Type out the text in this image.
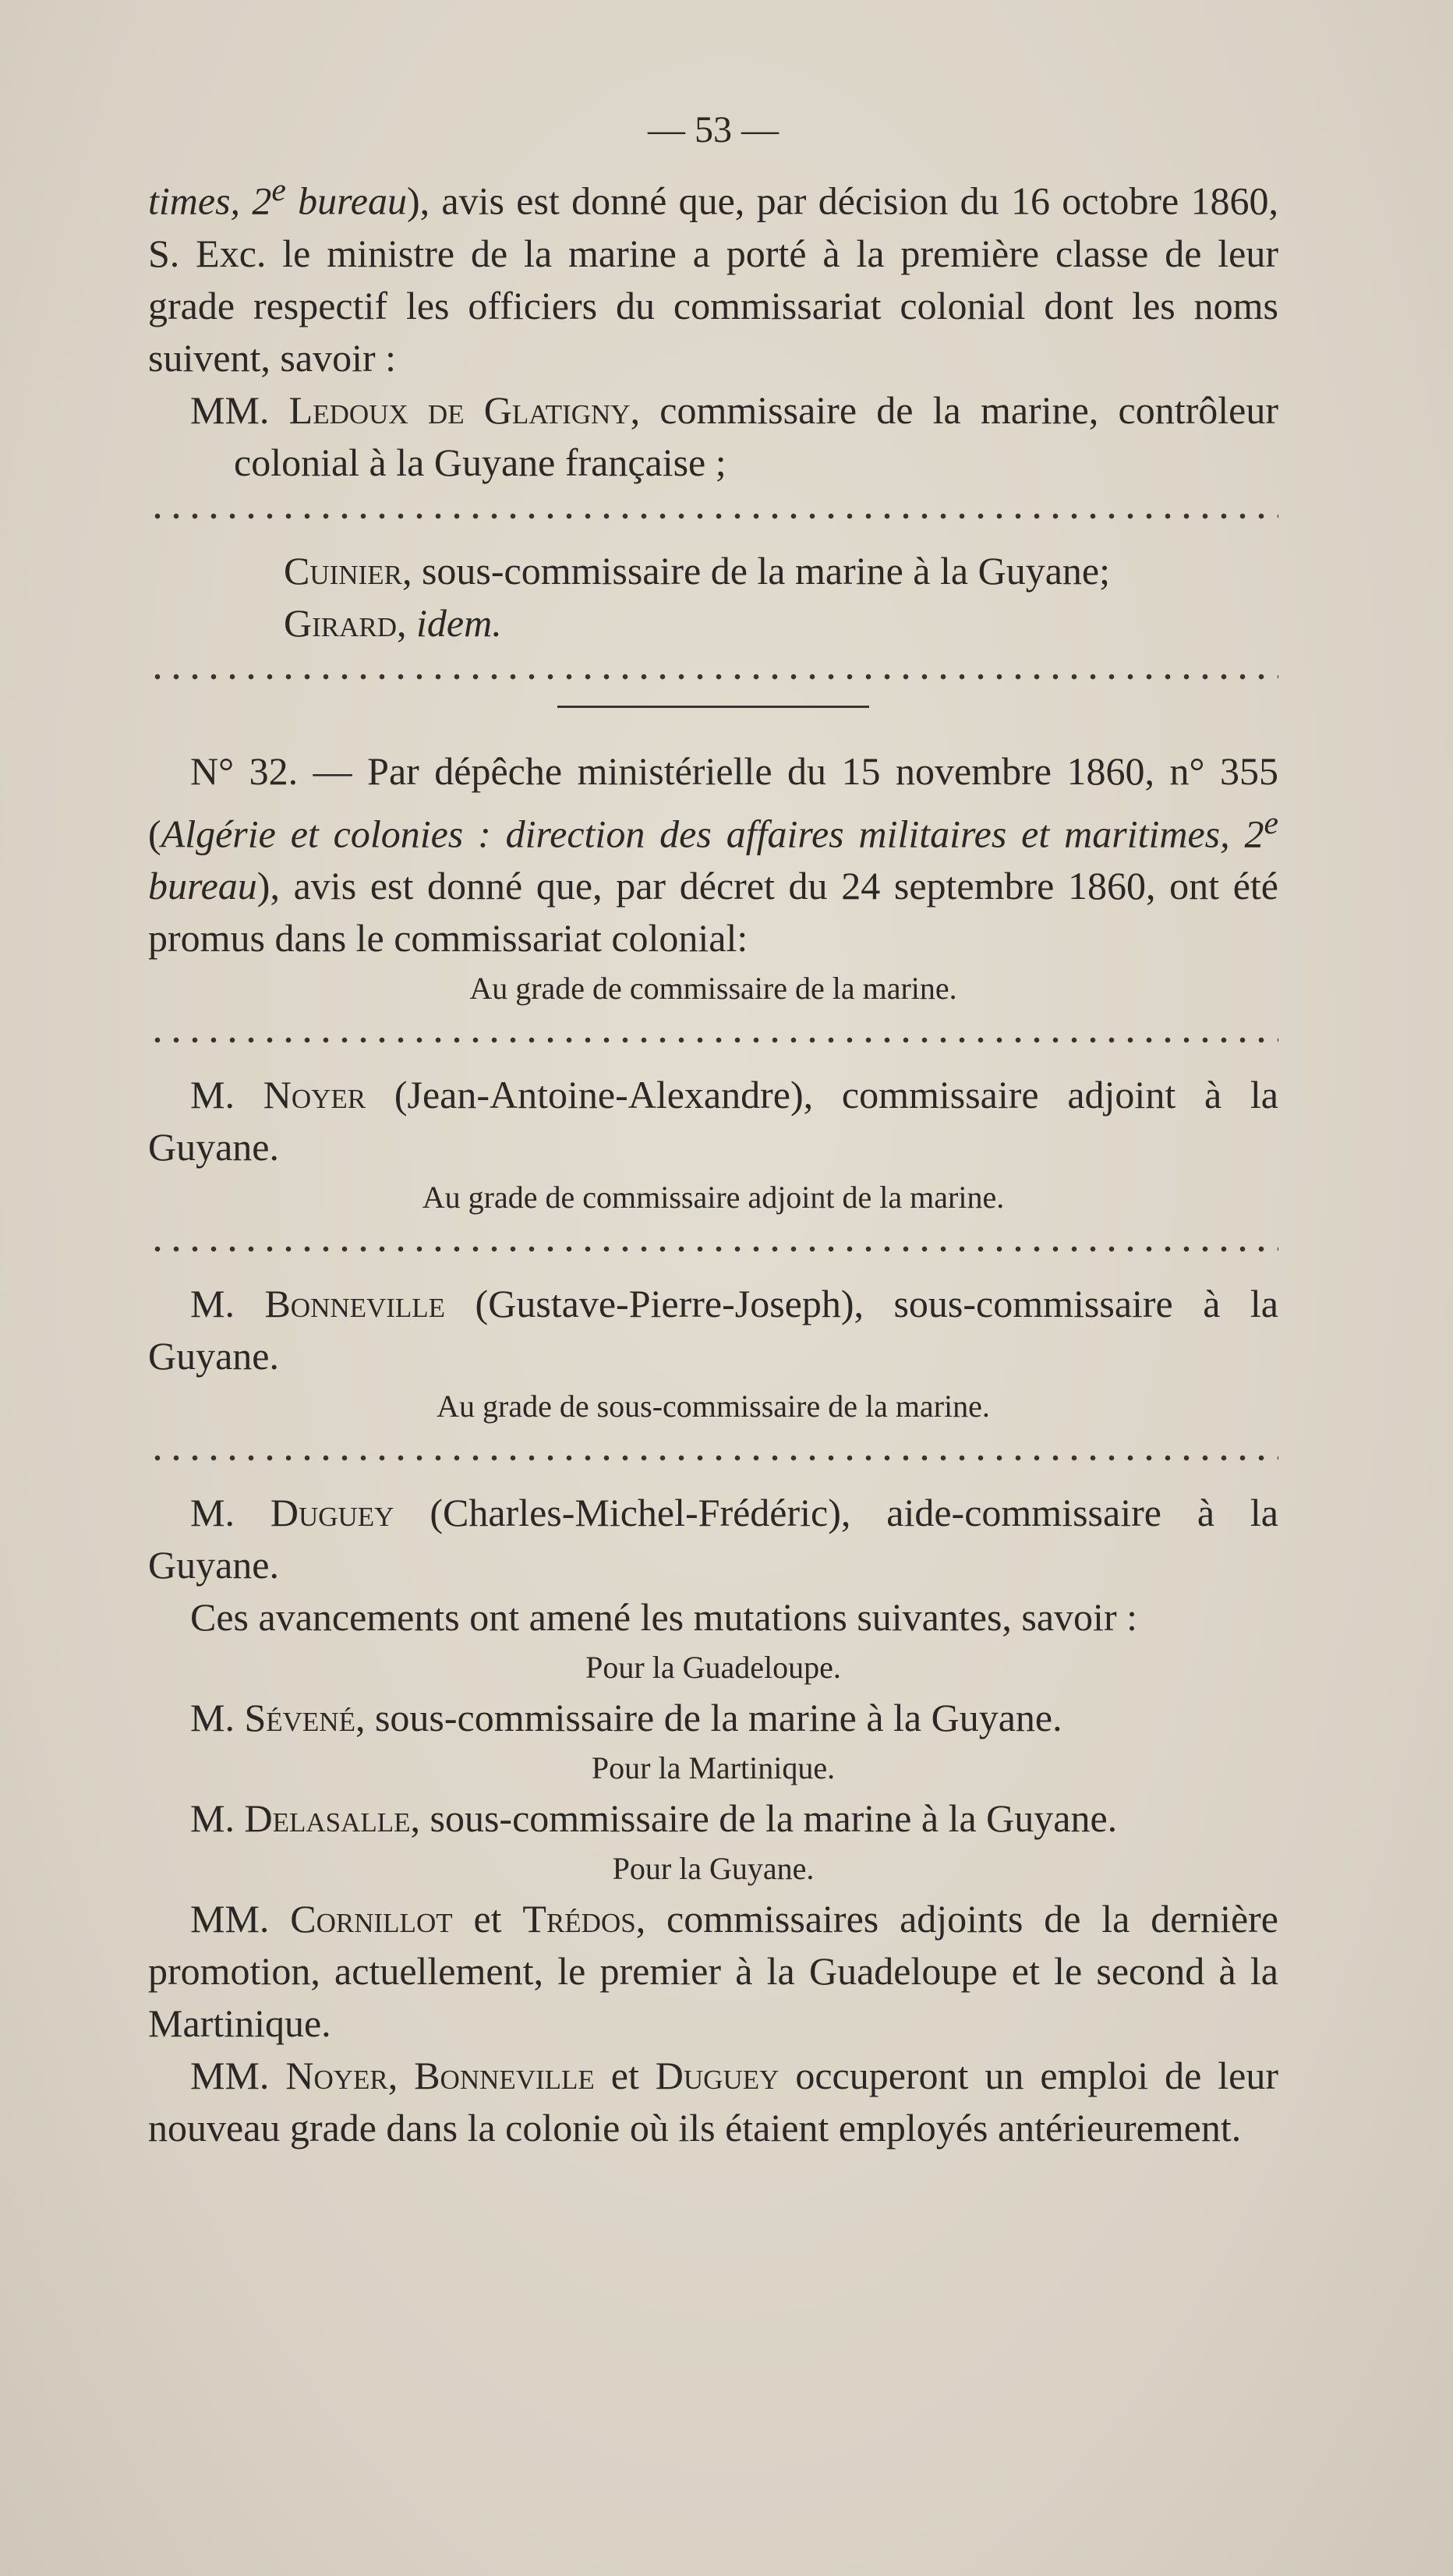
— 53 —

times, 2e bureau), avis est donné que, par décision du 16 octobre 1860, S. Exc. le ministre de la marine a porté à la première classe de leur grade respectif les officiers du commissariat colonial dont les noms suivent, savoir :

MM. Ledoux de Glatigny, commissaire de la marine, contrôleur colonial à la Guyane française ;

Cuinier, sous-commissaire de la marine à la Guyane;

Girard, idem.

N° 32. — Par dépêche ministérielle du 15 novembre 1860, n° 355 (Algérie et colonies : direction des affaires militaires et maritimes, 2e bureau), avis est donné que, par décret du 24 septembre 1860, ont été promus dans le commissariat colonial:

Au grade de commissaire de la marine.

M. Noyer (Jean-Antoine-Alexandre), commissaire adjoint à la Guyane.

Au grade de commissaire adjoint de la marine.

M. Bonneville (Gustave-Pierre-Joseph), sous-commissaire à la Guyane.

Au grade de sous-commissaire de la marine.

M. Duguey (Charles-Michel-Frédéric), aide-commissaire à la Guyane.

Ces avancements ont amené les mutations suivantes, savoir :

Pour la Guadeloupe.

M. Sévené, sous-commissaire de la marine à la Guyane.

Pour la Martinique.

M. Delasalle, sous-commissaire de la marine à la Guyane.

Pour la Guyane.

MM. Cornillot et Trédos, commissaires adjoints de la dernière promotion, actuellement, le premier à la Guadeloupe et le second à la Martinique.

MM. Noyer, Bonneville et Duguey occuperont un emploi de leur nouveau grade dans la colonie où ils étaient employés antérieurement.
